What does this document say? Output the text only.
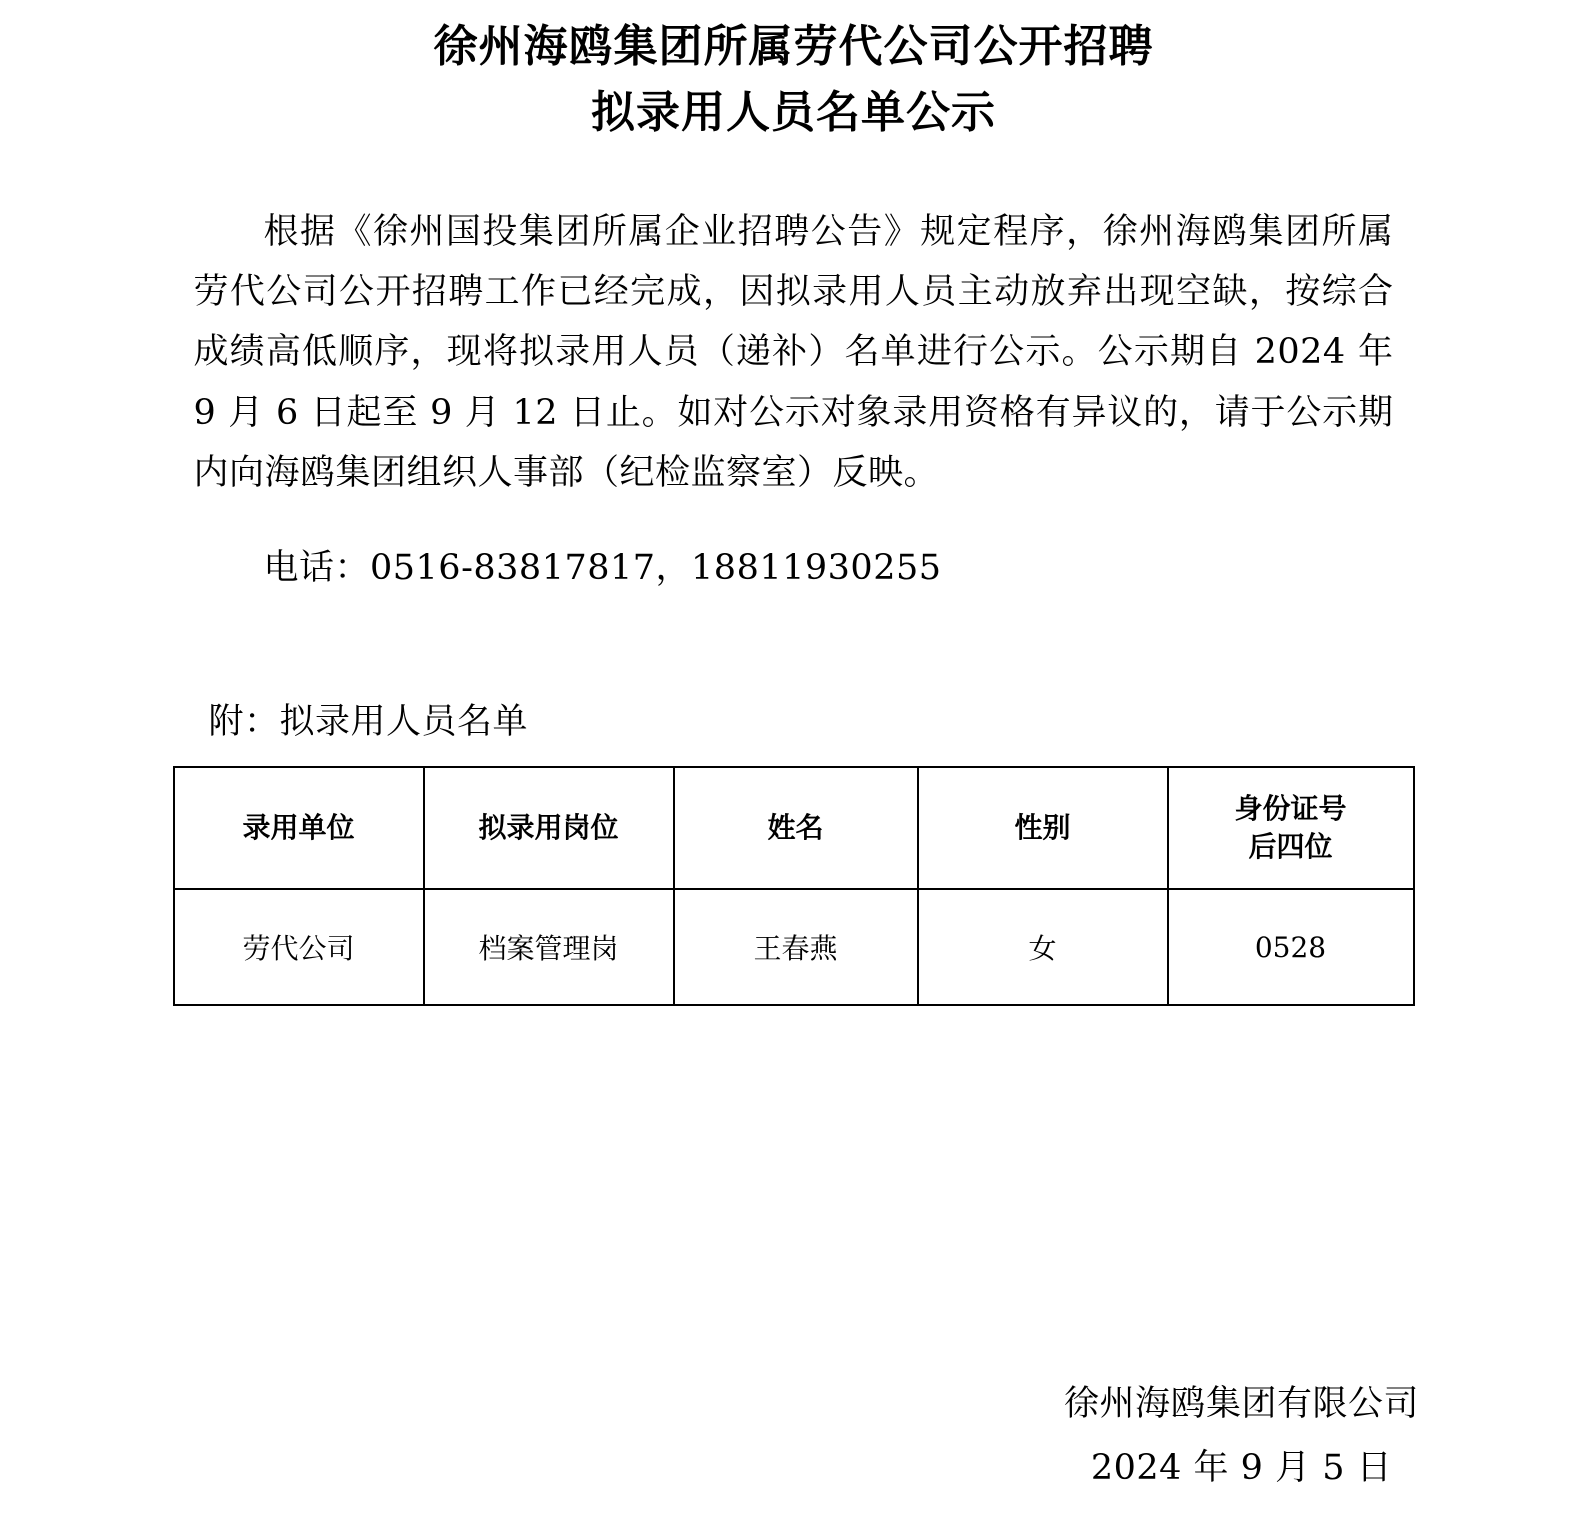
徐州海鸥集团所属劳代公司公开招聘
拟录用人员名单公示

根据《徐州国投集团所属企业招聘公告》规定程序，徐州海鸥集团所属劳代公司公开招聘工作已经完成，因拟录用人员主动放弃出现空缺，按综合成绩高低顺序，现将拟录用人员（递补）名单进行公示。公示期自 2024 年 9 月 6 日起至 9 月 12 日止。如对公示对象录用资格有异议的，请于公示期内向海鸥集团组织人事部（纪检监察室）反映。

电话：0516-83817817，18811930255

附：拟录用人员名单
录用单位	拟录用岗位	姓名	性别	身份证号
后四位

劳代公司	档案管理岗	王春燕	女	0528
徐州海鸥集团有限公司
2024 年 9 月 5 日
